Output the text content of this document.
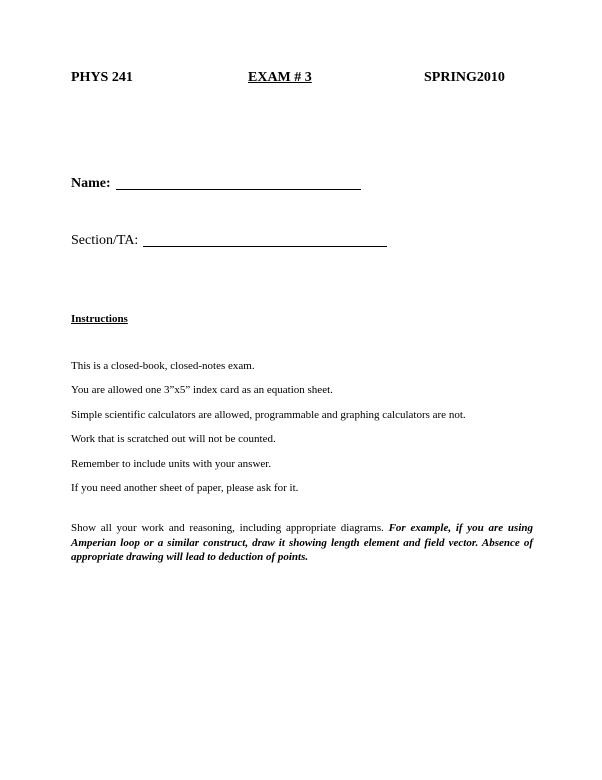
PHYS 241	EXAM # 3	SPRING2010
Name:
Section/TA:
Instructions
This is a closed-book, closed-notes exam.
You are allowed one 3”x5” index card as an equation sheet.
Simple scientific calculators are allowed, programmable and graphing calculators are not.
Work that is scratched out will not be counted.
Remember to include units with your answer.
If you need another sheet of paper, please ask for it.

Show all your work and reasoning, including appropriate diagrams. For example, if you are using Amperian loop or a similar construct, draw it showing length element and field vector. Absence of appropriate drawing will lead to deduction of points.
